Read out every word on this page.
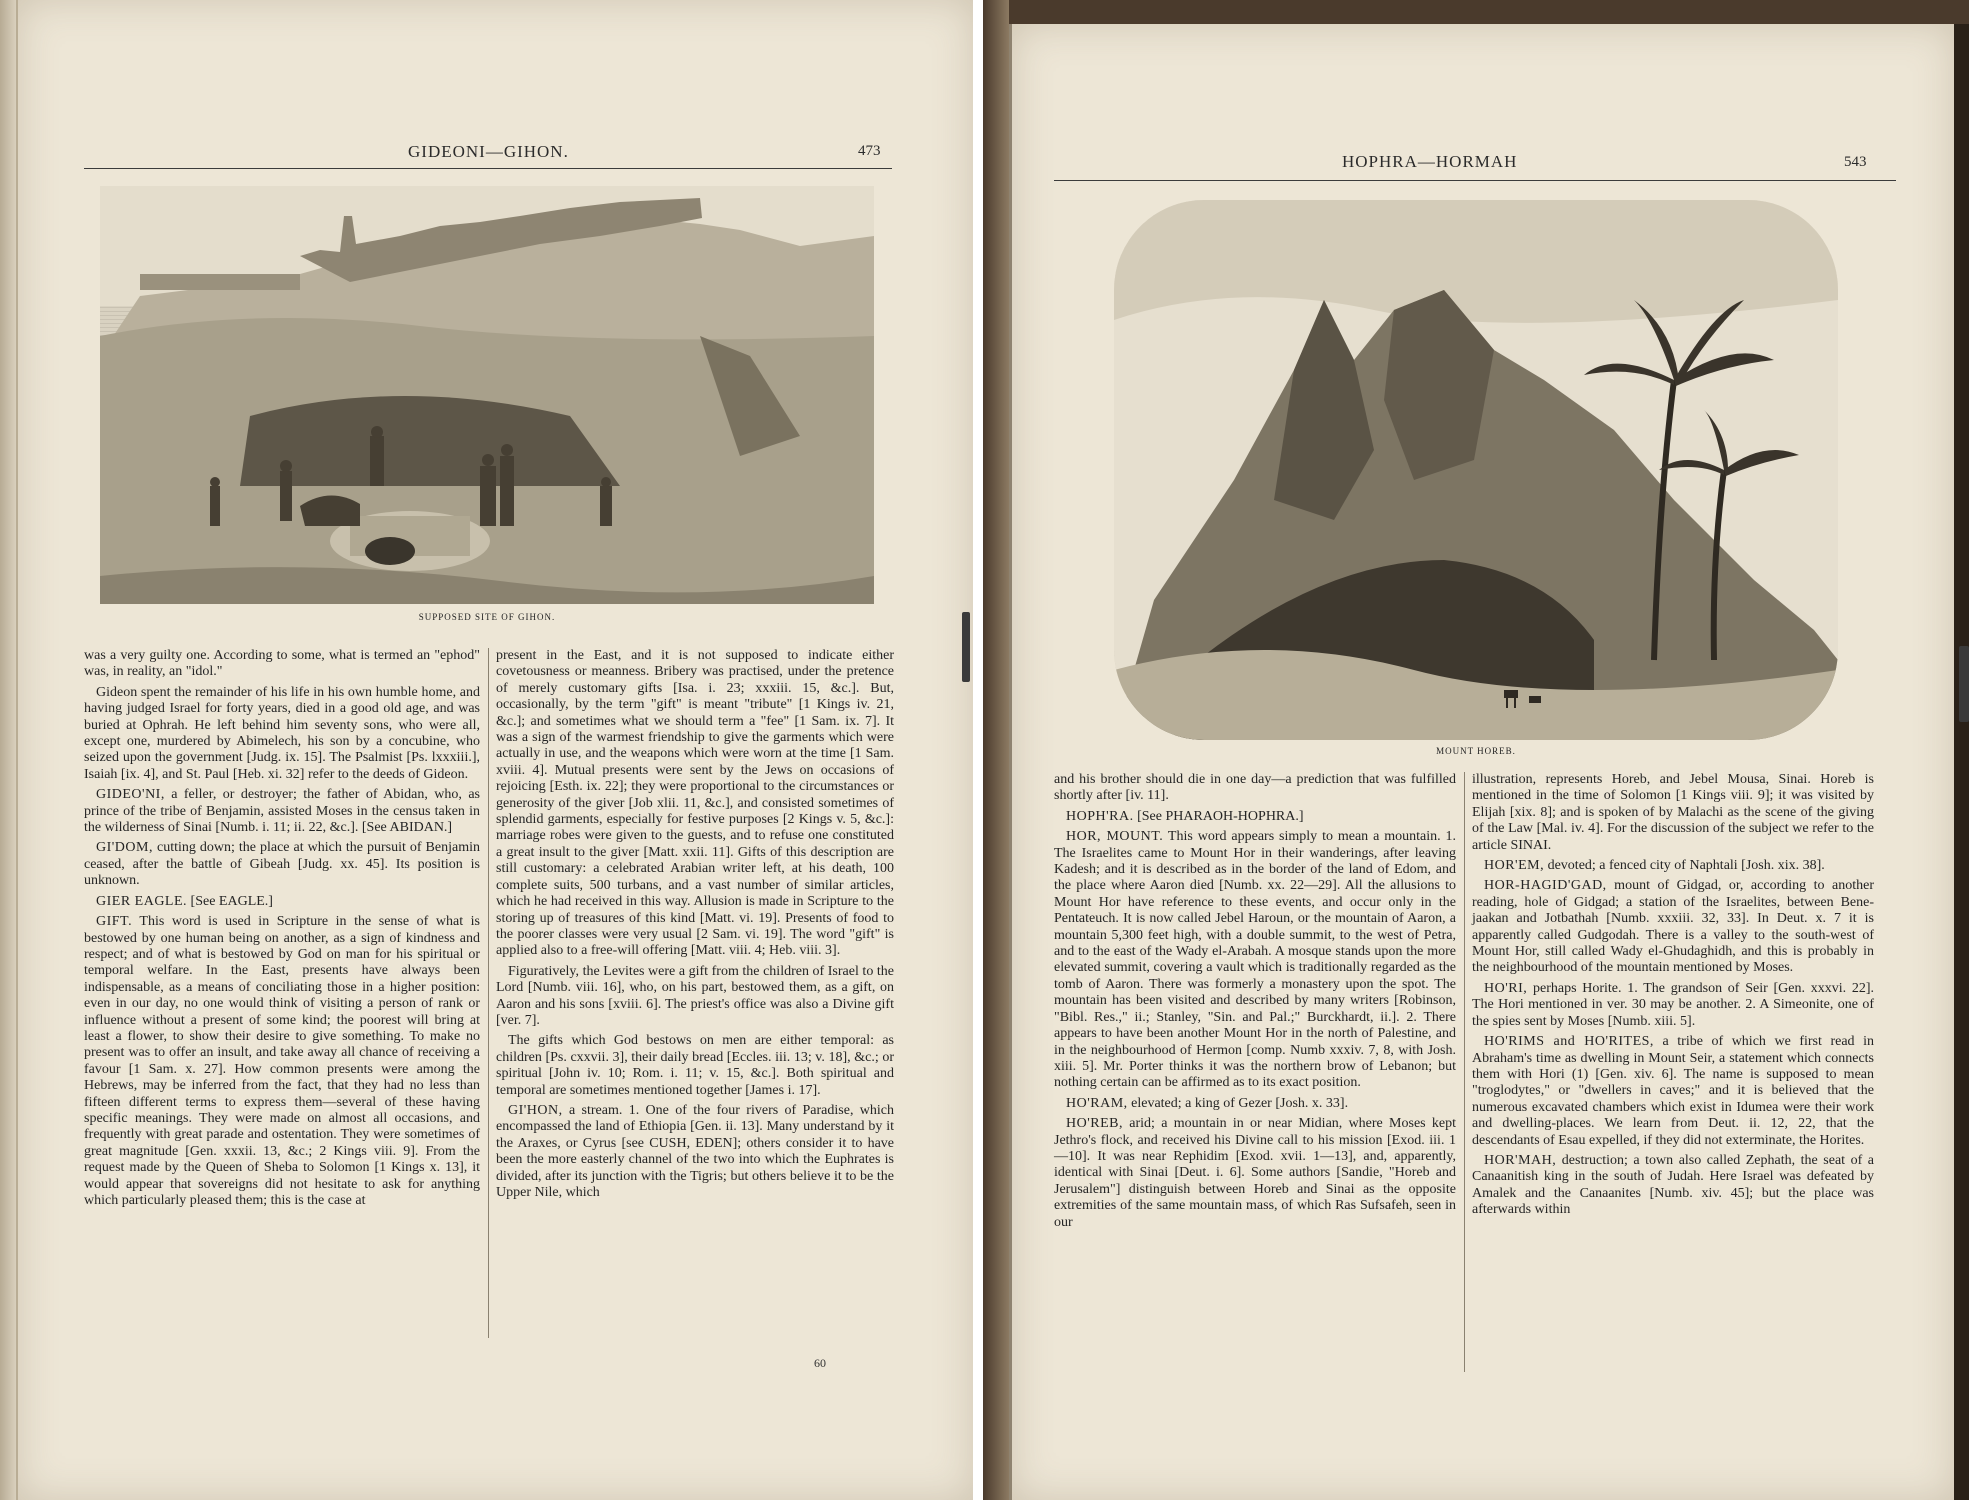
GIDEONI—GIHON.	473
SUPPOSED SITE OF GIHON.

was a very guilty one. According to some, what is termed an "ephod" was, in reality, an "idol."

Gideon spent the remainder of his life in his own humble home, and having judged Israel for forty years, died in a good old age, and was buried at Ophrah. He left behind him seventy sons, who were all, except one, murdered by Abimelech, his son by a concubine, who seized upon the government [Judg. ix. 15]. The Psalmist [Ps. lxxxiii.], Isaiah [ix. 4], and St. Paul [Heb. xi. 32] refer to the deeds of Gideon.

GIDEO'NI, a feller, or destroyer; the father of Abidan, who, as prince of the tribe of Benjamin, assisted Moses in the census taken in the wilderness of Sinai [Numb. i. 11; ii. 22, &c.]. [See ABIDAN.]

GI'DOM, cutting down; the place at which the pursuit of Benjamin ceased, after the battle of Gibeah [Judg. xx. 45]. Its position is unknown.

GIER EAGLE. [See EAGLE.]

GIFT. This word is used in Scripture in the sense of what is bestowed by one human being on another, as a sign of kindness and respect; and of what is bestowed by God on man for his spiritual or temporal welfare. In the East, presents have always been indispensable, as a means of conciliating those in a higher position: even in our day, no one would think of visiting a person of rank or influence without a present of some kind; the poorest will bring at least a flower, to show their desire to give something. To make no present was to offer an insult, and take away all chance of receiving a favour [1 Sam. x. 27]. How common presents were among the Hebrews, may be inferred from the fact, that they had no less than fifteen different terms to express them—several of these having specific meanings. They were made on almost all occasions, and frequently with great parade and ostentation. They were sometimes of great magnitude [Gen. xxxii. 13, &c.; 2 Kings viii. 9]. From the request made by the Queen of Sheba to Solomon [1 Kings x. 13], it would appear that sovereigns did not hesitate to ask for anything which particularly pleased them; this is the case at

present in the East, and it is not supposed to indicate either covetousness or meanness. Bribery was practised, under the pretence of merely customary gifts [Isa. i. 23; xxxiii. 15, &c.]. But, occasionally, by the term "gift" is meant "tribute" [1 Kings iv. 21, &c.]; and sometimes what we should term a "fee" [1 Sam. ix. 7]. It was a sign of the warmest friendship to give the garments which were actually in use, and the weapons which were worn at the time [1 Sam. xviii. 4]. Mutual presents were sent by the Jews on occasions of rejoicing [Esth. ix. 22]; they were proportional to the circumstances or generosity of the giver [Job xlii. 11, &c.], and consisted sometimes of splendid garments, especially for festive purposes [2 Kings v. 5, &c.]: marriage robes were given to the guests, and to refuse one constituted a great insult to the giver [Matt. xxii. 11]. Gifts of this description are still customary: a celebrated Arabian writer left, at his death, 100 complete suits, 500 turbans, and a vast number of similar articles, which he had received in this way. Allusion is made in Scripture to the storing up of treasures of this kind [Matt. vi. 19]. Presents of food to the poorer classes were very usual [2 Sam. vi. 19]. The word "gift" is applied also to a free-will offering [Matt. viii. 4; Heb. viii. 3].

Figuratively, the Levites were a gift from the children of Israel to the Lord [Numb. viii. 16], who, on his part, bestowed them, as a gift, on Aaron and his sons [xviii. 6]. The priest's office was also a Divine gift [ver. 7].

The gifts which God bestows on men are either temporal: as children [Ps. cxxvii. 3], their daily bread [Eccles. iii. 13; v. 18], &c.; or spiritual [John iv. 10; Rom. i. 11; v. 15, &c.]. Both spiritual and temporal are sometimes mentioned together [James i. 17].

GI'HON, a stream. 1. One of the four rivers of Paradise, which encompassed the land of Ethiopia [Gen. ii. 13]. Many understand by it the Araxes, or Cyrus [see CUSH, EDEN]; others consider it to have been the more easterly channel of the two into which the Euphrates is divided, after its junction with the Tigris; but others believe it to be the Upper Nile, which

60
HOPHRA—HORMAH	543
MOUNT HOREB.

and his brother should die in one day—a prediction that was fulfilled shortly after [iv. 11].

HOPH'RA. [See PHARAOH-HOPHRA.]

HOR, MOUNT. This word appears simply to mean a mountain. 1. The Israelites came to Mount Hor in their wanderings, after leaving Kadesh; and it is described as in the border of the land of Edom, and the place where Aaron died [Numb. xx. 22—29]. All the allusions to Mount Hor have reference to these events, and occur only in the Pentateuch. It is now called Jebel Haroun, or the mountain of Aaron, a mountain 5,300 feet high, with a double summit, to the west of Petra, and to the east of the Wady el-Arabah. A mosque stands upon the more elevated summit, covering a vault which is traditionally regarded as the tomb of Aaron. There was formerly a monastery upon the spot. The mountain has been visited and described by many writers [Robinson, "Bibl. Res.," ii.; Stanley, "Sin. and Pal.;" Burckhardt, ii.]. 2. There appears to have been another Mount Hor in the north of Palestine, and in the neighbourhood of Hermon [comp. Numb xxxiv. 7, 8, with Josh. xiii. 5]. Mr. Porter thinks it was the northern brow of Lebanon; but nothing certain can be affirmed as to its exact position.

HO'RAM, elevated; a king of Gezer [Josh. x. 33].

HO'REB, arid; a mountain in or near Midian, where Moses kept Jethro's flock, and received his Divine call to his mission [Exod. iii. 1—10]. It was near Rephidim [Exod. xvii. 1—13], and, apparently, identical with Sinai [Deut. i. 6]. Some authors [Sandie, "Horeb and Jerusalem"] distinguish between Horeb and Sinai as the opposite extremities of the same mountain mass, of which Ras Sufsafeh, seen in our

illustration, represents Horeb, and Jebel Mousa, Sinai. Horeb is mentioned in the time of Solomon [1 Kings viii. 9]; it was visited by Elijah [xix. 8]; and is spoken of by Malachi as the scene of the giving of the Law [Mal. iv. 4]. For the discussion of the subject we refer to the article SINAI.

HOR'EM, devoted; a fenced city of Naphtali [Josh. xix. 38].

HOR-HAGID'GAD, mount of Gidgad, or, according to another reading, hole of Gidgad; a station of the Israelites, between Bene-jaakan and Jotbathah [Numb. xxxiii. 32, 33]. In Deut. x. 7 it is apparently called Gudgodah. There is a valley to the south-west of Mount Hor, still called Wady el-Ghudaghidh, and this is probably in the neighbourhood of the mountain mentioned by Moses.

HO'RI, perhaps Horite. 1. The grandson of Seir [Gen. xxxvi. 22]. The Hori mentioned in ver. 30 may be another. 2. A Simeonite, one of the spies sent by Moses [Numb. xiii. 5].

HO'RIMS and HO'RITES, a tribe of which we first read in Abraham's time as dwelling in Mount Seir, a statement which connects them with Hori (1) [Gen. xiv. 6]. The name is supposed to mean "troglodytes," or "dwellers in caves;" and it is believed that the numerous excavated chambers which exist in Idumea were their work and dwelling-places. We learn from Deut. ii. 12, 22, that the descendants of Esau expelled, if they did not exterminate, the Horites.

HOR'MAH, destruction; a town also called Zephath, the seat of a Canaanitish king in the south of Judah. Here Israel was defeated by Amalek and the Canaanites [Numb. xiv. 45]; but the place was afterwards within
